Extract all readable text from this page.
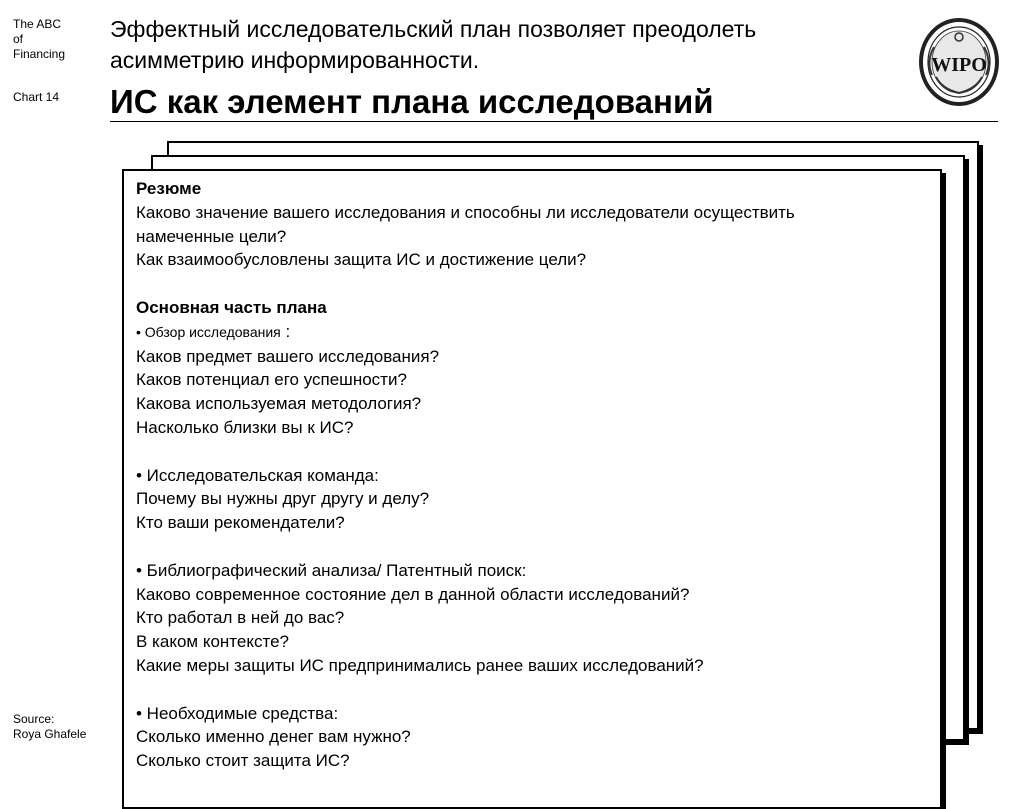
The ABC
of
Financing
Chart 14
Source:
Roya Ghafele
Эффектный исследовательский план позволяет преодолеть асимметрию информированности.
ИС как элемент плана исследований
WIPO

Резюме

Каково значение вашего исследования и способны ли исследователи осуществить

намеченные цели?

Как взаимообусловлены защита ИС и достижение цели?

Основная часть плана

• Обзор исследования :

Каков предмет вашего исследования?

Каков потенциал его успешности?

Какова используемая методология?

Насколько близки вы к ИС?

• Исследовательская команда:

Почему вы нужны друг другу и делу?

Кто ваши рекомендатели?

• Библиографический анализа/ Патентный поиск:

Каково современное состояние дел в данной области исследований?

Кто работал в ней до вас?

В каком контексте?

Какие меры защиты ИС предпринимались ранее ваших исследований?

• Необходимые средства:

Сколько именно денег вам нужно?

Сколько стоит защита ИС?
